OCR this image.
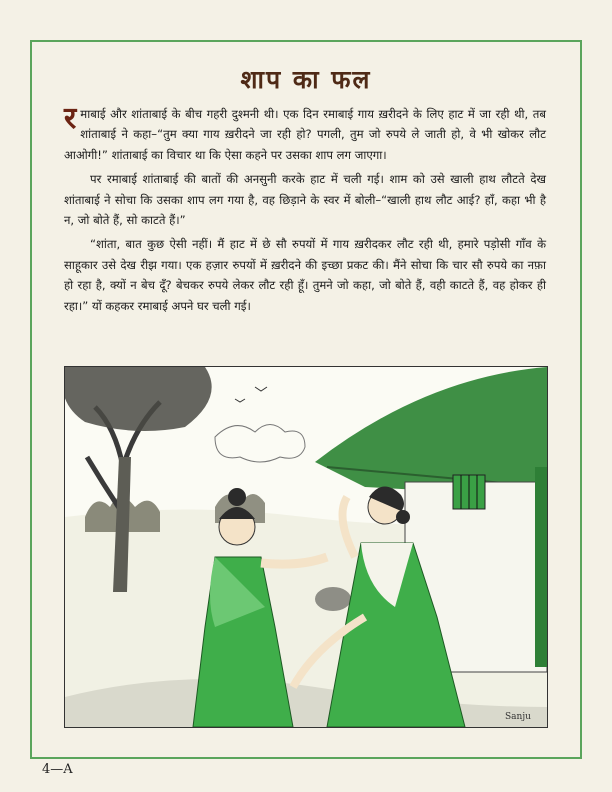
शाप का फल

रमाबाई और शांताबाई के बीच गहरी दुश्मनी थी। एक दिन रमाबाई गाय ख़रीदने के लिए हाट में जा रही थी, तब शांताबाई ने कहा–“तुम क्या गाय ख़रीदने जा रही हो? पगली, तुम जो रुपये ले जाती हो, वे भी खोकर लौट आओगी!” शांताबाई का विचार था कि ऐसा कहने पर उसका शाप लग जाएगा।

पर रमाबाई शांताबाई की बातों की अनसुनी करके हाट में चली गई। शाम को उसे खाली हाथ लौटते देख शांताबाई ने सोचा कि उसका शाप लग गया है, वह छिड़ाने के स्वर में बोली–“खाली हाथ लौट आई? हाँ, कहा भी है न, जो बोते हैं, सो काटते हैं।”

“शांता, बात कुछ ऐसी नहीं। मैं हाट में छे सौ रुपयों में गाय ख़रीदकर लौट रही थी, हमारे पड़ोसी गाँव के साहूकार उसे देख रीझ गया। एक हज़ार रुपयों में ख़रीदने की इच्छा प्रकट की। मैंने सोचा कि चार सौ रुपये का नफ़ा हो रहा है, क्यों न बेच दूँ? बेचकर रुपये लेकर लौट रही हूँ। तुमने जो कहा, जो बोते हैं, वही काटते हैं, वह होकर ही रहा।” यों कहकर रमाबाई अपने घर चली गई।

Sanju
4—A
